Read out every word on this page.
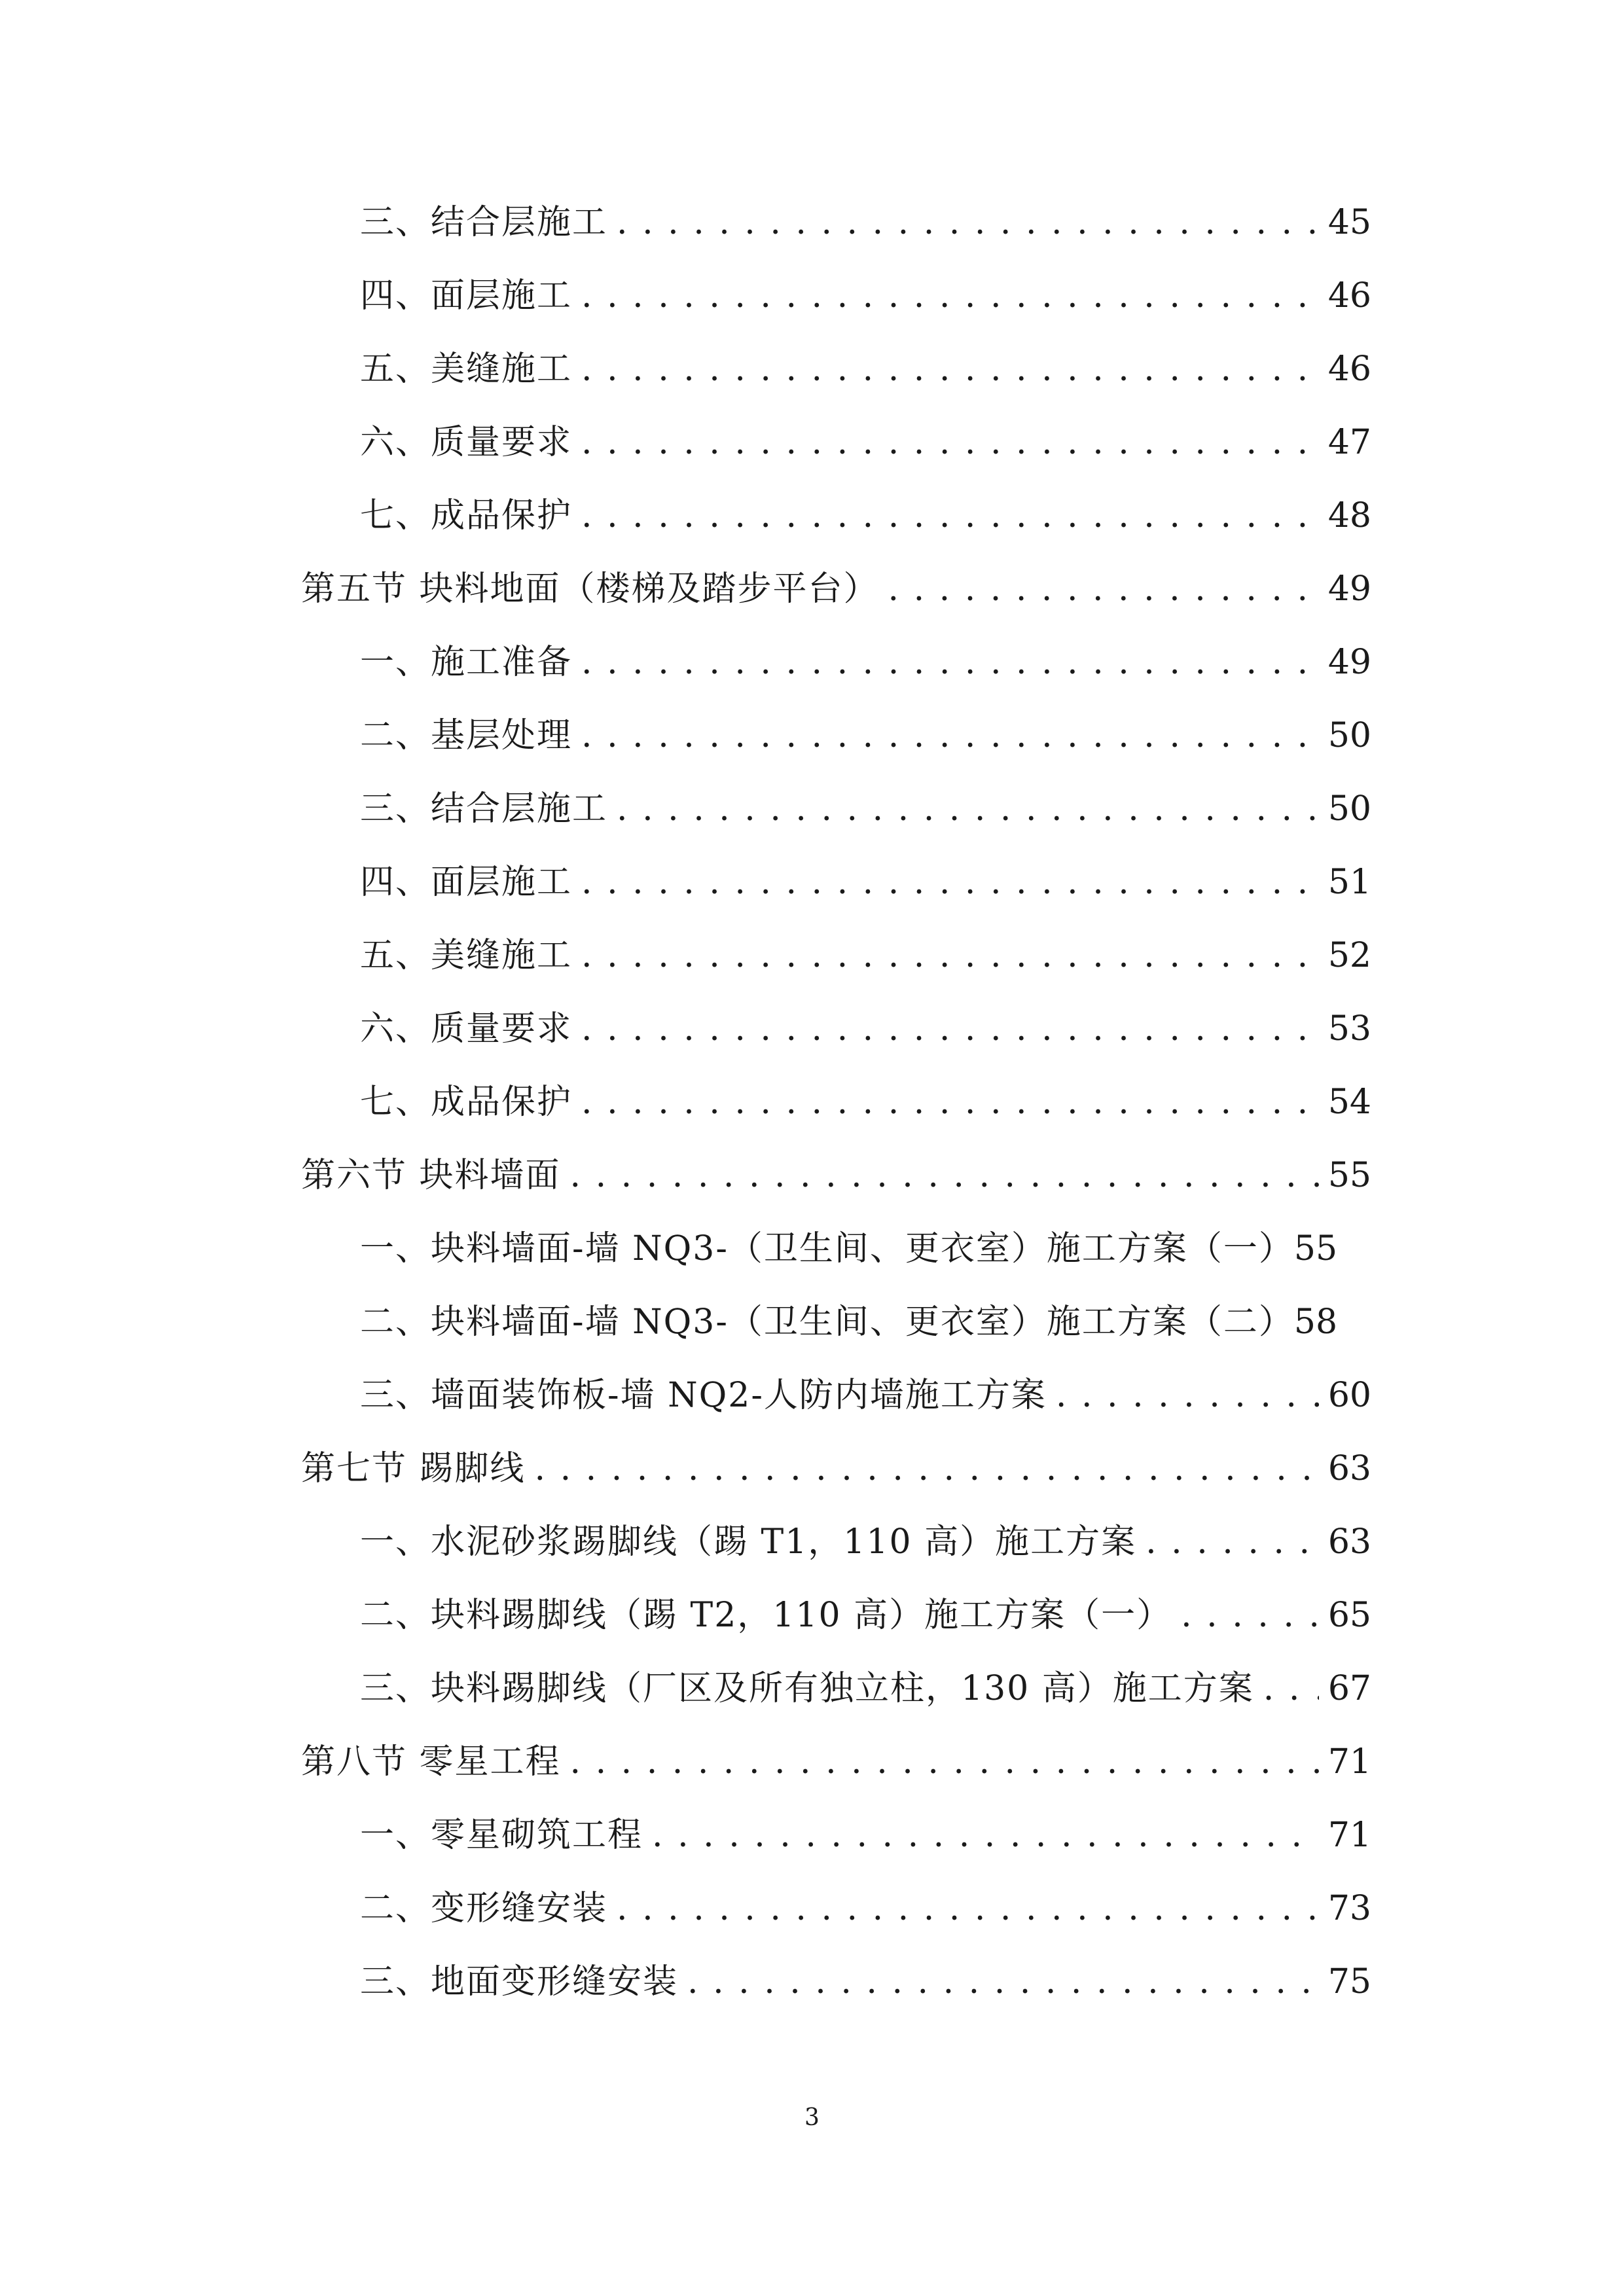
三、结合层施工 . . .	45
四、面层施工 . . .	46
五、美缝施工 . . .	46
六、质量要求 . . .	47
七、成品保护 . . .	48
第五节 块料地面（楼梯及踏步平台） . . .	49
一、施工准备 . . .	49
二、基层处理 . . .	50
三、结合层施工 . . .	50
四、面层施工 . . .	51
五、美缝施工 . . .	52
六、质量要求 . . .	53
七、成品保护 . . .	54
第六节 块料墙面 . . .	55
一、块料墙面-墙 NQ3-（卫生间、更衣室）施工方案（一） 55
二、块料墙面-墙 NQ3-（卫生间、更衣室）施工方案（二） 58
三、墙面装饰板-墙 NQ2-人防内墙施工方案 . . .	60
第七节 踢脚线 . . .	63
一、水泥砂浆踢脚线（踢 T1，110 高）施工方案 . . .	63
二、块料踢脚线（踢 T2，110 高）施工方案（一） . . .	65
三、块料踢脚线（厂区及所有独立柱，130 高）施工方案 . . . 67
第八节 零星工程 . . .	71
一、零星砌筑工程 . . .	71
二、变形缝安装 . . .	73
三、地面变形缝安装 . . .	75
3
